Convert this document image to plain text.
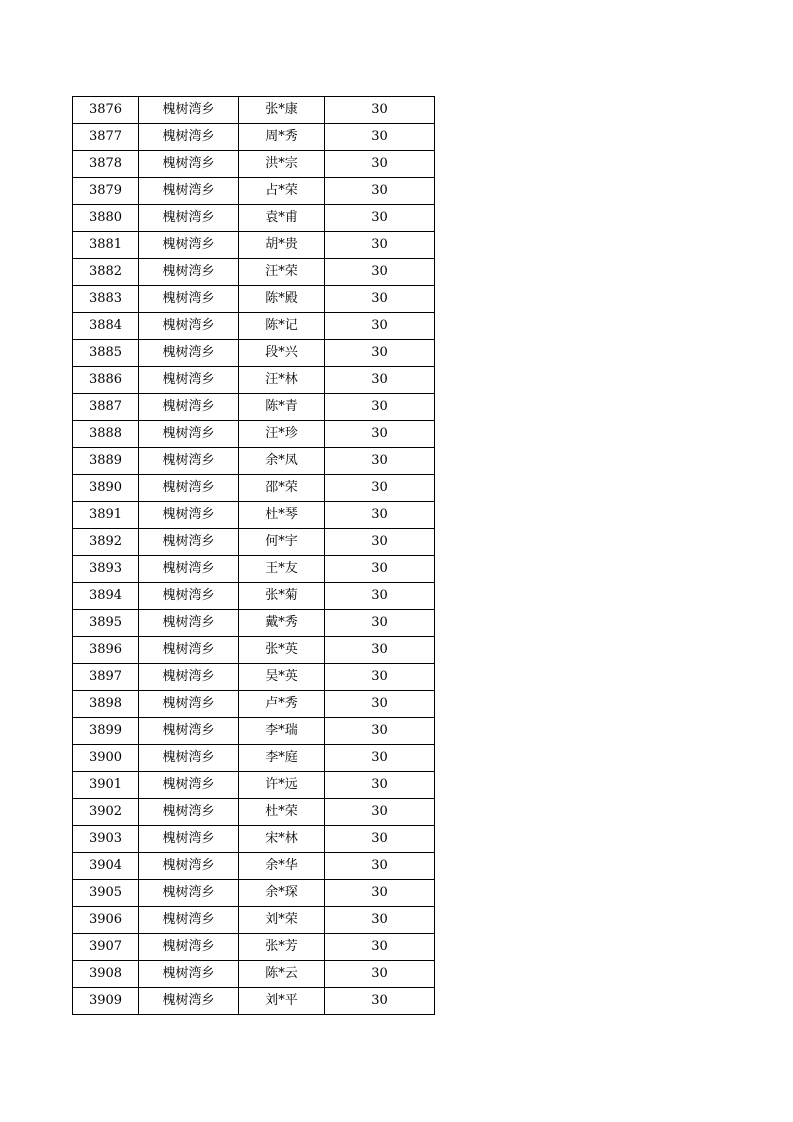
3876	槐树湾乡	张*康	30
3877	槐树湾乡	周*秀	30
3878	槐树湾乡	洪*宗	30
3879	槐树湾乡	占*荣	30
3880	槐树湾乡	袁*甫	30
3881	槐树湾乡	胡*贵	30
3882	槐树湾乡	汪*荣	30
3883	槐树湾乡	陈*殿	30
3884	槐树湾乡	陈*记	30
3885	槐树湾乡	段*兴	30
3886	槐树湾乡	汪*林	30
3887	槐树湾乡	陈*青	30
3888	槐树湾乡	汪*珍	30
3889	槐树湾乡	余*凤	30
3890	槐树湾乡	邵*荣	30
3891	槐树湾乡	杜*琴	30
3892	槐树湾乡	何*宇	30
3893	槐树湾乡	王*友	30
3894	槐树湾乡	张*菊	30
3895	槐树湾乡	戴*秀	30
3896	槐树湾乡	张*英	30
3897	槐树湾乡	吴*英	30
3898	槐树湾乡	卢*秀	30
3899	槐树湾乡	李*瑞	30
3900	槐树湾乡	李*庭	30
3901	槐树湾乡	许*远	30
3902	槐树湾乡	杜*荣	30
3903	槐树湾乡	宋*林	30
3904	槐树湾乡	余*华	30
3905	槐树湾乡	余*琛	30
3906	槐树湾乡	刘*荣	30
3907	槐树湾乡	张*芳	30
3908	槐树湾乡	陈*云	30
3909	槐树湾乡	刘*平	30
